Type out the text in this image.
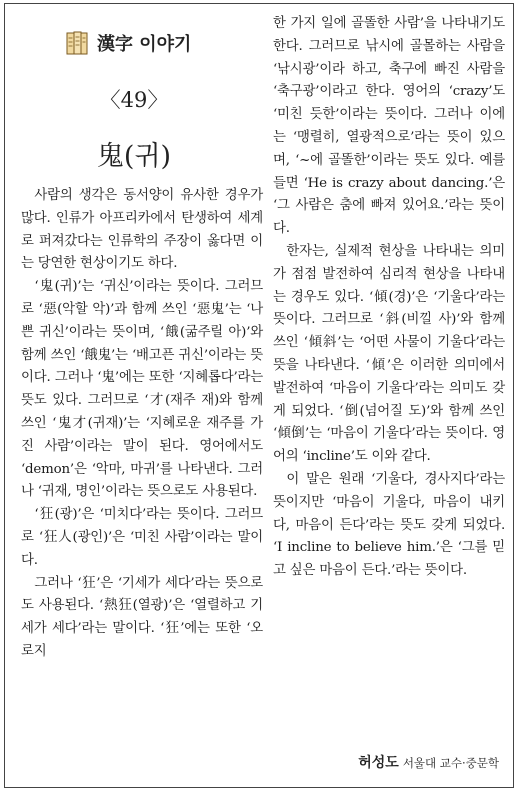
漢字 이야기
〈49〉
鬼(귀)

사람의 생각은 동서양이 유사한 경우가 많다. 인류가 아프리카에서 탄생하여 세계로 퍼져갔다는 인류학의 주장이 옳다면 이는 당연한 현상이기도 하다.

‘鬼(귀)’는 ‘귀신’이라는 뜻이다. 그러므로 ‘惡(악할 악)’과 함께 쓰인 ‘惡鬼’는 ‘나쁜 귀신’이라는 뜻이며, ‘餓(굶주릴 아)’와 함께 쓰인 ‘餓鬼’는 ‘배고픈 귀신’이라는 뜻이다. 그러나 ‘鬼’에는 또한 ‘지혜롭다’라는 뜻도 있다. 그러므로 ‘才(재주 재)와 함께 쓰인 ‘鬼才(귀재)’는 ‘지혜로운 재주를 가진 사람’이라는 말이 된다. 영어에서도 ‘demon’은 ‘악마, 마귀’를 나타낸다. 그러나 ‘귀재, 명인’이라는 뜻으로도 사용된다.

‘狂(광)’은 ‘미치다’라는 뜻이다. 그러므로 ‘狂人(광인)’은 ‘미친 사람’이라는 말이다.

그러나 ‘狂’은 ‘기세가 세다’라는 뜻으로도 사용된다. ‘熱狂(열광)’은 ‘열렬하고 기세가 세다’라는 말이다. ‘狂’에는 또한 ‘오로지

한 가지 일에 골똘한 사람’을 나타내기도 한다. 그러므로 낚시에 골몰하는 사람을 ‘낚시광’이라 하고, 축구에 빠진 사람을 ‘축구광’이라고 한다. 영어의 ‘crazy’도 ‘미친 듯한’이라는 뜻이다. 그러나 이에는 ‘맹렬히, 열광적으로’라는 뜻이 있으며, ‘~에 골똘한’이라는 뜻도 있다. 예를 들면 ‘He is crazy about dancing.’은 ‘그 사람은 춤에 빠져 있어요.’라는 뜻이다.

한자는, 실제적 현상을 나타내는 의미가 점점 발전하여 심리적 현상을 나타내는 경우도 있다. ‘傾(경)’은 ‘기울다’라는 뜻이다. 그러므로 ‘斜(비낄 사)’와 함께 쓰인 ‘傾斜’는 ‘어떤 사물이 기울다’라는 뜻을 나타낸다. ‘傾’은 이러한 의미에서 발전하여 ‘마음이 기울다’라는 의미도 갖게 되었다. ‘倒(넘어질 도)’와 함께 쓰인 ‘傾倒’는 ‘마음이 기울다’라는 뜻이다. 영어의 ‘incline’도 이와 같다.

이 말은 원래 ‘기울다, 경사지다’라는 뜻이지만 ‘마음이 기울다, 마음이 내키다, 마음이 든다’라는 뜻도 갖게 되었다. ‘I incline to believe him.’은 ‘그를 믿고 싶은 마음이 든다.’라는 뜻이다.

허성도 서울대 교수·중문학
